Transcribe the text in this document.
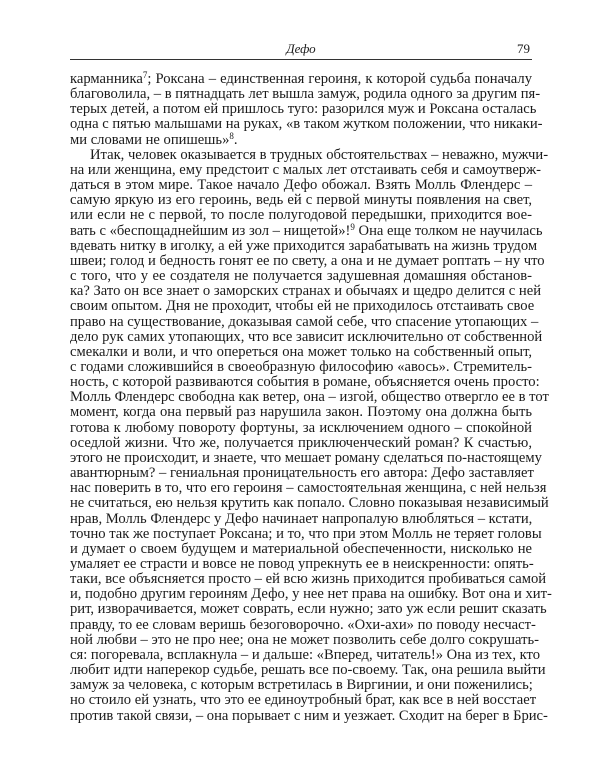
Дефо	79
карманника$^7$; Роксана – единственная героиня, к которой судьба поначалу
благоволила, – в пятнадцать лет вышла замуж, родила одного за другим пя-
терых детей, а потом ей пришлось туго: разорился муж и Роксана осталась
одна с пятью малышами на руках, «в таком жутком положении, что никаки-
ми словами не опишешь»$^8$.
Итак, человек оказывается в трудных обстоятельствах – неважно, мужчи-
на или женщина, ему предстоит с малых лет отстаивать себя и самоутверж-
даться в этом мире. Такое начало Дефо обожал. Взять Молль Флендерс –
самую яркую из его героинь, ведь ей с первой минуты появления на свет,
или если не с первой, то после полугодовой передышки, приходится вое-
вать с «беспощаднейшим из зол – нищетой»!$^9$ Она еще толком не научилась
вдевать нитку в иголку, а ей уже приходится зарабатывать на жизнь трудом
швеи; голод и бедность гонят ее по свету, а она и не думает роптать – ну что
с того, что у ее создателя не получается задушевная домашняя обстанов-
ка? Зато он все знает о заморских странах и обычаях и щедро делится с ней
своим опытом. Дня не проходит, чтобы ей не приходилось отстаивать свое
право на существование, доказывая самой себе, что спасение утопающих –
дело рук самих утопающих, что все зависит исключительно от собственной
смекалки и воли, и что опереться она может только на собственный опыт,
с годами сложившийся в своеобразную философию «авось». Стремитель-
ность, с которой развиваются события в романе, объясняется очень просто:
Молль Флендерс свободна как ветер, она – изгой, общество отвергло ее в тот
момент, когда она первый раз нарушила закон. Поэтому она должна быть
готова к любому повороту фортуны, за исключением одного – спокойной
оседлой жизни. Что же, получается приключенческий роман? К счастью,
этого не происходит, и знаете, что мешает роману сделаться по-настоящему
авантюрным? – гениальная проницательность его автора: Дефо заставляет
нас поверить в то, что его героиня – самостоятельная женщина, с ней нельзя
не считаться, ею нельзя крутить как попало. Словно показывая независимый
нрав, Молль Флендерс у Дефо начинает напропалую влюбляться – кстати,
точно так же поступает Роксана; и то, что при этом Молль не теряет головы
и думает о своем будущем и материальной обеспеченности, нисколько не
умаляет ее страсти и вовсе не повод упрекнуть ее в неискренности: опять-
таки, все объясняется просто – ей всю жизнь приходится пробиваться самой
и, подобно другим героиням Дефо, у нее нет права на ошибку. Вот она и хит-
рит, изворачивается, может соврать, если нужно; зато уж если решит сказать
правду, то ее словам веришь безоговорочно. «Охи-ахи» по поводу несчаст-
ной любви – это не про нее; она не может позволить себе долго сокрушать-
ся: погоревала, всплакнула – и дальше: «Вперед, читатель!» Она из тех, кто
любит идти наперекор судьбе, решать все по-своему. Так, она решила выйти
замуж за человека, с которым встретилась в Виргинии, и они поженились;
но стоило ей узнать, что это ее единоутробный брат, как все в ней восстает
против такой связи, – она порывает с ним и уезжает. Сходит на берег в Брис-
